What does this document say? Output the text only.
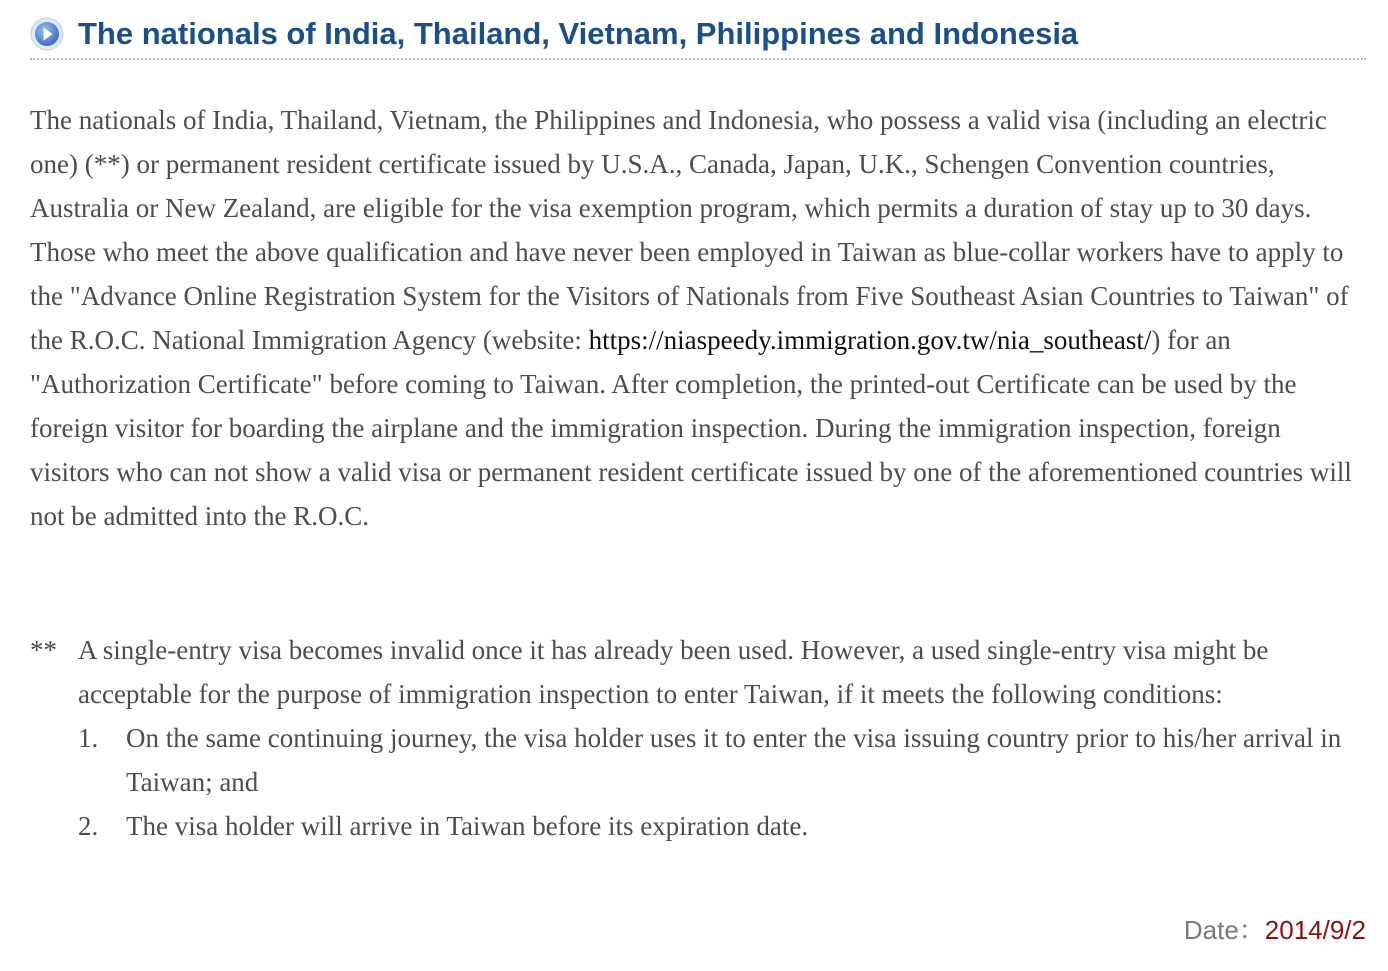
The nationals of India, Thailand, Vietnam, Philippines and Indonesia

The nationals of India, Thailand, Vietnam, the Philippines and Indonesia, who possess a valid visa (including an electric one) (**) or permanent resident certificate issued by U.S.A., Canada, Japan, U.K., Schengen Convention countries, Australia or New Zealand, are eligible for the visa exemption program, which permits a duration of stay up to 30 days. Those who meet the above qualification and have never been employed in Taiwan as blue-collar workers have to apply to the "Advance Online Registration System for the Visitors of Nationals from Five Southeast Asian Countries to Taiwan" of the R.O.C. National Immigration Agency (website: https://niaspeedy.immigration.gov.tw/nia_southeast/) for an "Authorization Certificate" before coming to Taiwan. After completion, the printed-out Certificate can be used by the foreign visitor for boarding the airplane and the immigration inspection. During the immigration inspection, foreign visitors who can not show a valid visa or permanent resident certificate issued by one of the aforementioned countries will not be admitted into the R.O.C.

** A single-entry visa becomes invalid once it has already been used. However, a used single-entry visa might be acceptable for the purpose of immigration inspection to enter Taiwan, if it meets the following conditions:
1. On the same continuing journey, the visa holder uses it to enter the visa issuing country prior to his/her arrival in Taiwan; and
2. The visa holder will arrive in Taiwan before its expiration date.
Date：2014/9/2
